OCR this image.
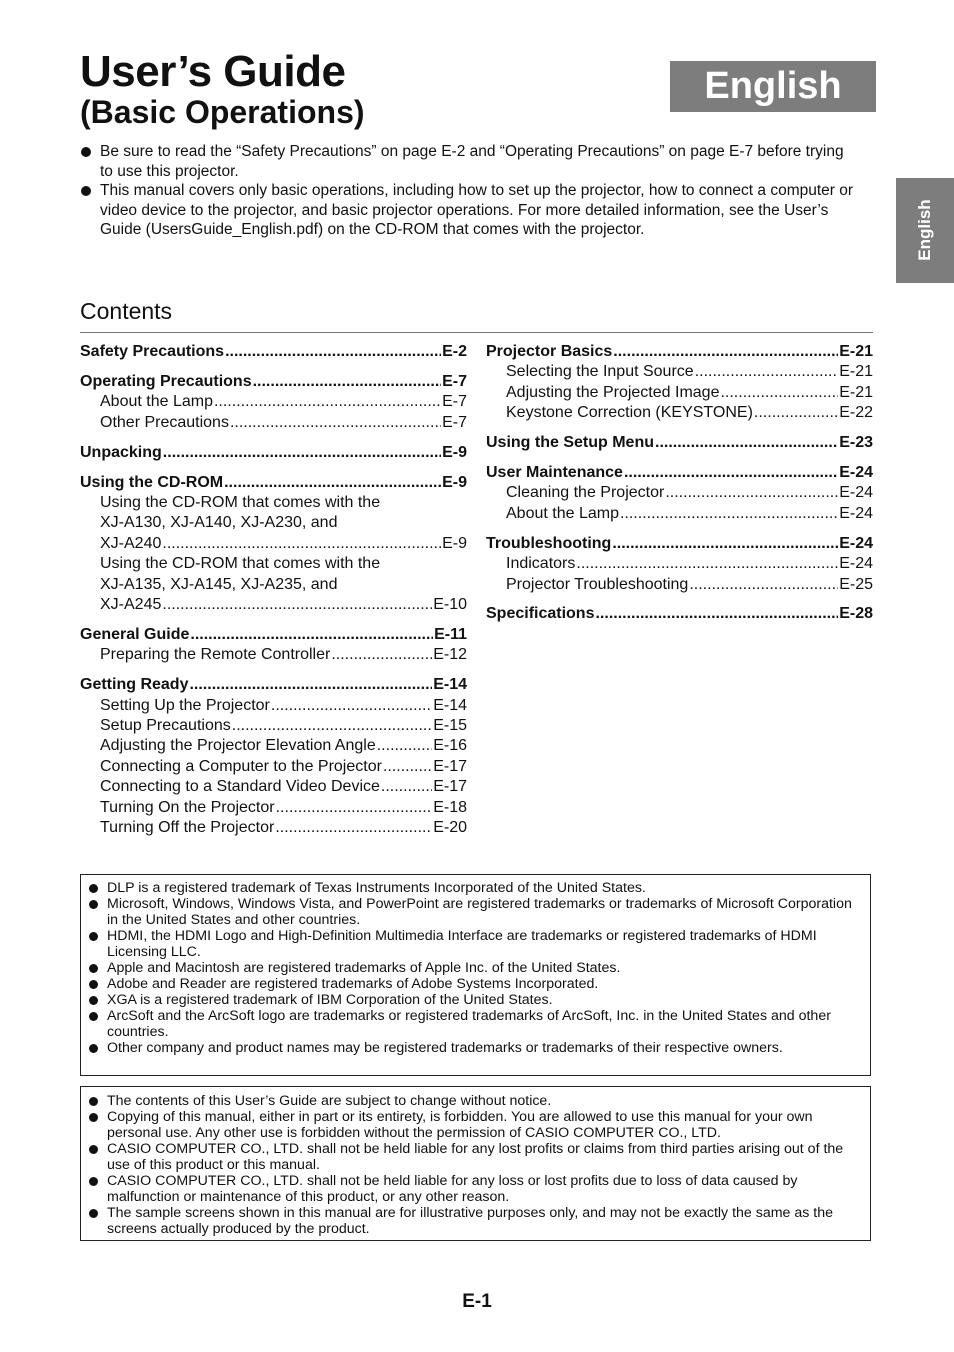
User’s Guide
(Basic Operations)
English
English
Be sure to read the “Safety Precautions” on page E-2 and “Operating Precautions” on page E-7 before trying to use this projector.
This manual covers only basic operations, including how to set up the projector, how to connect a computer or video device to the projector, and basic projector operations. For more detailed information, see the User’s Guide (UsersGuide_English.pdf) on the CD-ROM that comes with the projector.
Contents
Safety Precautions .....	E-2
Operating Precautions .....	E-7
About the Lamp .....	E-7
Other Precautions .....	E-7
Unpacking .....	E-9
Using the CD-ROM .....	E-9
Using the CD-ROM that comes with the
XJ-A130, XJ-A140, XJ-A230, and
XJ-A240 .....	E-9
Using the CD-ROM that comes with the
XJ-A135, XJ-A145, XJ-A235, and
XJ-A245 .....	E-10
General Guide .....	E-11
Preparing the Remote Controller .....	E-12
Getting Ready .....	E-14
Setting Up the Projector .....	E-14
Setup Precautions .....	E-15
Adjusting the Projector Elevation Angle .....	E-16
Connecting a Computer to the Projector .....	E-17
Connecting to a Standard Video Device .....	E-17
Turning On the Projector .....	E-18
Turning Off the Projector .....	E-20
Projector Basics .....	E-21
Selecting the Input Source .....	E-21
Adjusting the Projected Image .....	E-21
Keystone Correction (KEYSTONE) .....	E-22
Using the Setup Menu .....	E-23
User Maintenance .....	E-24
Cleaning the Projector .....	E-24
About the Lamp .....	E-24
Troubleshooting .....	E-24
Indicators .....	E-24
Projector Troubleshooting .....	E-25
Specifications .....	E-28
DLP is a registered trademark of Texas Instruments Incorporated of the United States.
Microsoft, Windows, Windows Vista, and PowerPoint are registered trademarks or trademarks of Microsoft Corporation in the United States and other countries.
HDMI, the HDMI Logo and High-Definition Multimedia Interface are trademarks or registered trademarks of HDMI Licensing LLC.
Apple and Macintosh are registered trademarks of Apple Inc. of the United States.
Adobe and Reader are registered trademarks of Adobe Systems Incorporated.
XGA is a registered trademark of IBM Corporation of the United States.
ArcSoft and the ArcSoft logo are trademarks or registered trademarks of ArcSoft, Inc. in the United States and other countries.
Other company and product names may be registered trademarks or trademarks of their respective owners.
The contents of this User’s Guide are subject to change without notice.
Copying of this manual, either in part or its entirety, is forbidden. You are allowed to use this manual for your own personal use. Any other use is forbidden without the permission of CASIO COMPUTER CO., LTD.
CASIO COMPUTER CO., LTD. shall not be held liable for any lost profits or claims from third parties arising out of the use of this product or this manual.
CASIO COMPUTER CO., LTD. shall not be held liable for any loss or lost profits due to loss of data caused by malfunction or maintenance of this product, or any other reason.
The sample screens shown in this manual are for illustrative purposes only, and may not be exactly the same as the screens actually produced by the product.
E-1
